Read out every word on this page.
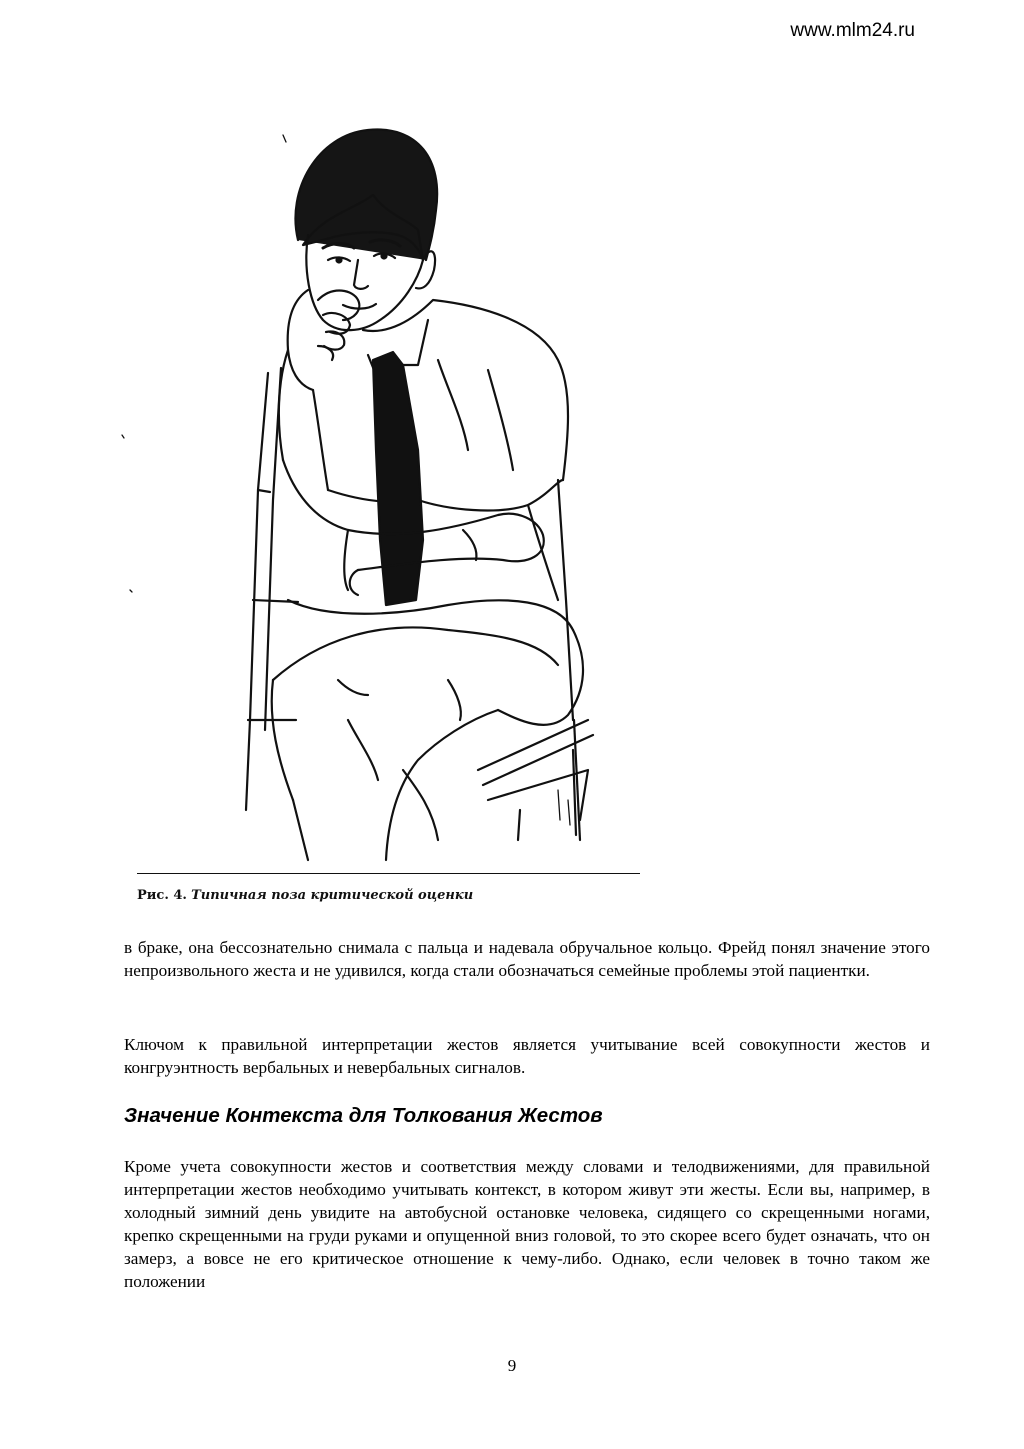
www.mlm24.ru
Рис. 4. Типичная поза критической оценки

в браке, она бессознательно снимала с пальца и надевала обручальное кольцо. Фрейд понял значение этого непроизвольного жеста и не удивился, когда стали обозначаться семейные проблемы этой пациентки.

Ключом к правильной интерпретации жестов является учитывание всей совокупности жестов и конгруэнтность вербальных и невербальных сигналов.

Значение Контекста для Толкования Жестов

Кроме учета совокупности жестов и соответствия между словами и телодвижениями, для правильной интерпретации жестов необходимо учитывать контекст, в котором живут эти жесты. Если вы, например, в холодный зимний день увидите на автобусной остановке человека, сидящего со скрещенными ногами, крепко скрещенными на груди руками и опущенной вниз головой, то это скорее всего будет означать, что он замерз, а вовсе не его критическое отношение к чему-либо. Однако, если человек в точно таком же положении

9
